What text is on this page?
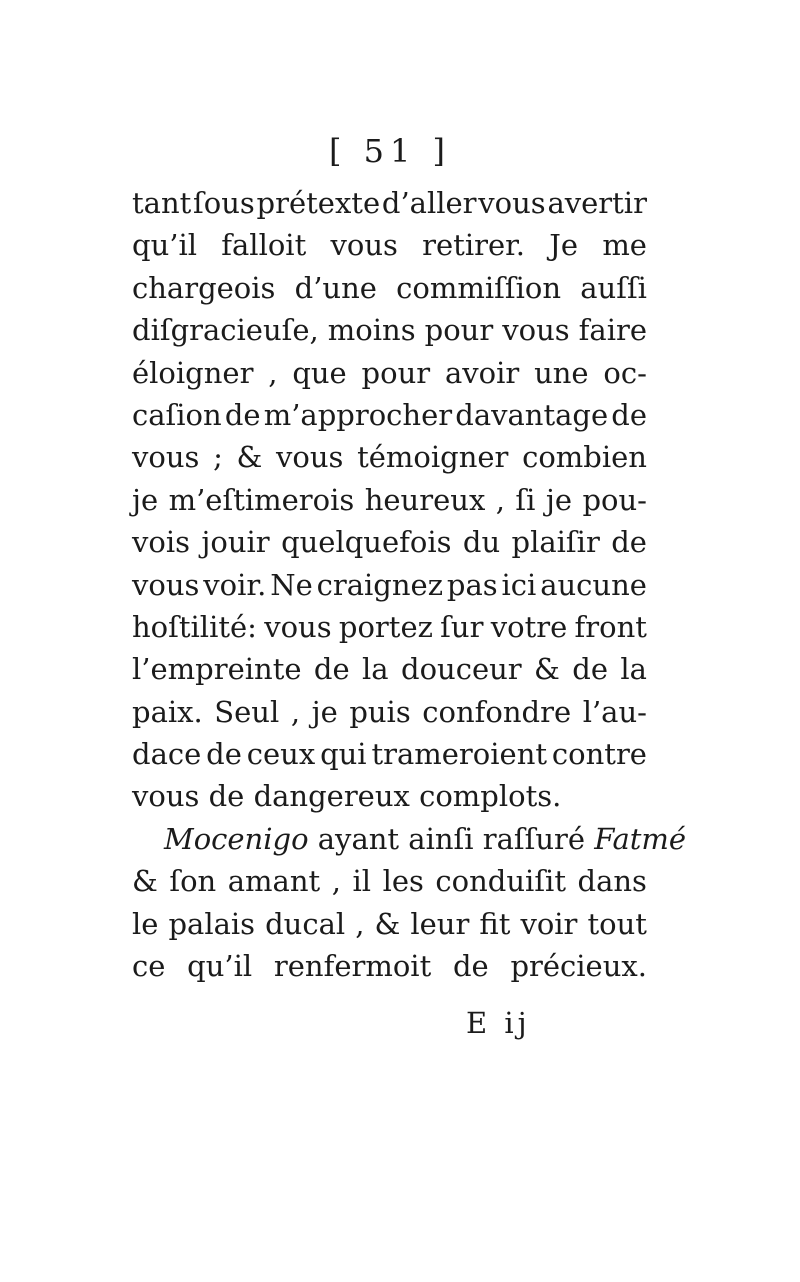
[ 51 ]
tant ſous prétexte d’aller vous avertir
qu’il falloit vous retirer. Je me
chargeois d’une commiſſion auſſi
diſgracieuſe, moins pour vous faire
éloigner , que pour avoir une oc-
caſion de m’approcher davantage de
vous ; & vous témoigner combien
je m’eſtimerois heureux , ſi je pou-
vois jouir quelquefois du plaiſir de
vous voir. Ne craignez pas ici aucune
hoſtilité: vous portez ſur votre front
l’empreinte de la douceur & de la
paix. Seul , je puis confondre l’au-
dace de ceux qui trameroient contre
vous de dangereux complots.
Mocenigo ayant ainſi raſſuré Fatmé
& ſon amant , il les conduiſit dans
le palais ducal , & leur fit voir tout
ce qu’il renfermoit de précieux.
E ij
